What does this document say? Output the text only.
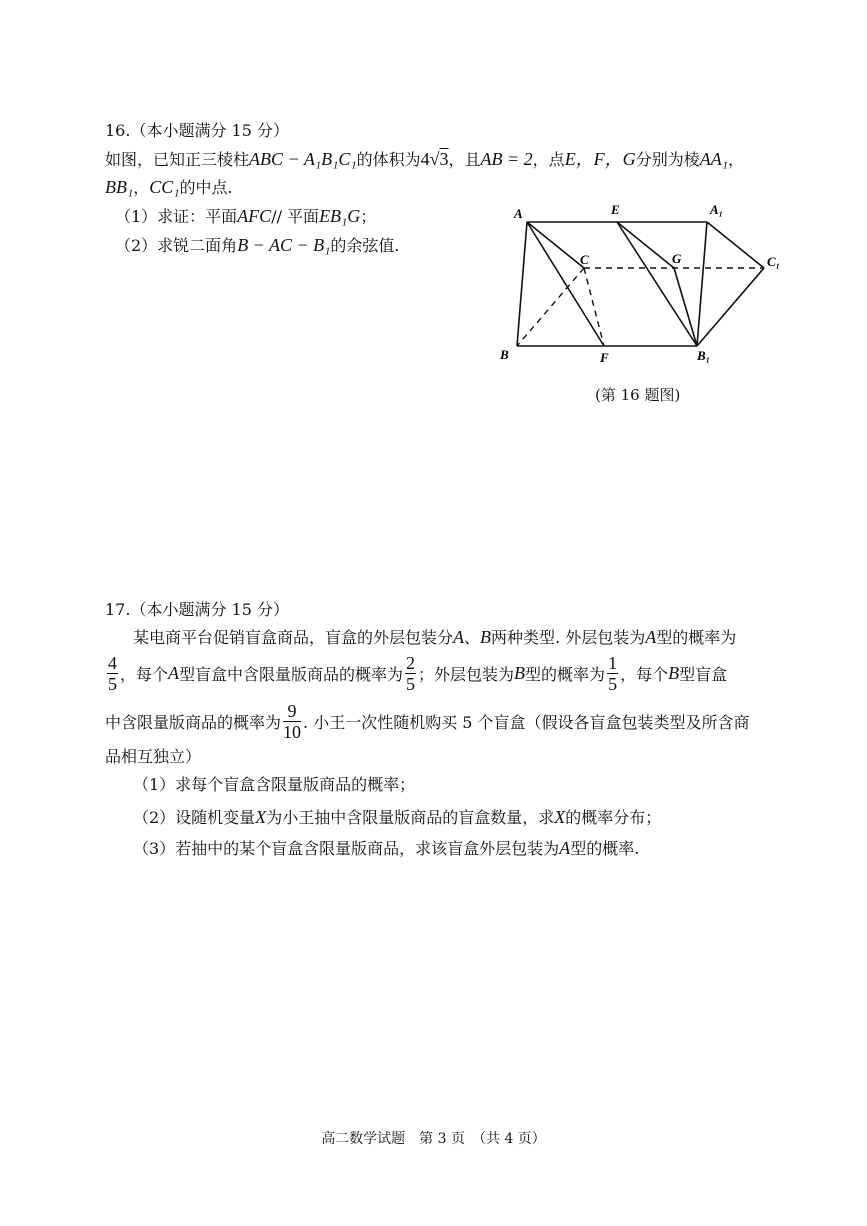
16.（本小题满分 15 分）
如图，已知正三棱柱ABC − A₁B₁C₁的体积为4√3，且AB = 2，点E，F，G分别为棱AA₁，
BB₁，CC₁的中点.
（1）求证：平面AFC// 平面EB₁G；
（2）求锐二面角B − AC − B₁的余弦值.
A	E	A₁
C	G	C₁
B	F	B₁
(第 16 题图)
17.（本小题满分 15 分）
某电商平台促销盲盒商品，盲盒的外层包装分A、B两种类型. 外层包装为A型的概率为
$\frac{4}{5}$ ，每个 A 型盲盒中含限量版商品的概率为 $\frac{2}{5}$ ；外层包装为 B 型的概率为 $\frac{1}{5}$ ，每个 B 型盲盒
中含限量版商品的概率为 $\frac{9}{10}$ . 小王一次性随机购买 5 个盲盒（假设各盲盒包装类型及所含商
品相互独立）
（1）求每个盲盒含限量版商品的概率；
（2）设随机变量X为小王抽中含限量版商品的盲盒数量，求X的概率分布；
（3）若抽中的某个盲盒含限量版商品，求该盲盒外层包装为A型的概率.
高二数学试题　第 3 页　（共 4 页）
